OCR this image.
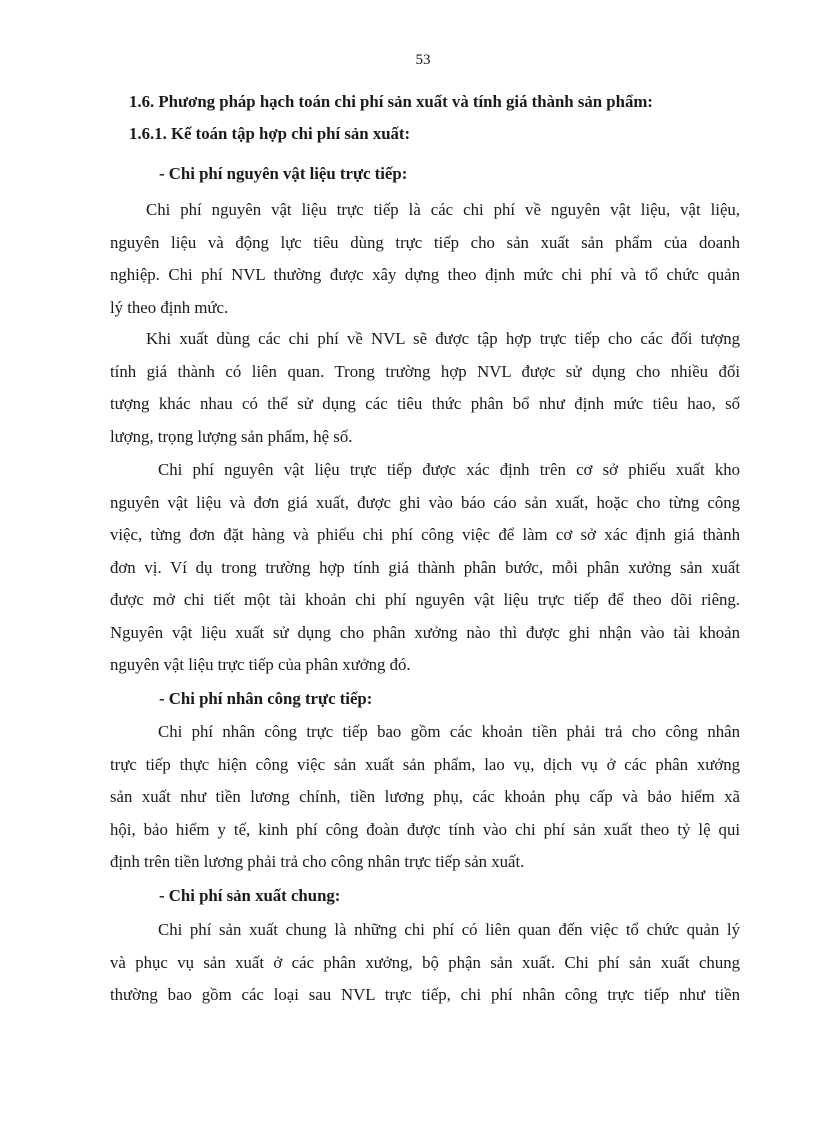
53
1.6. Phương pháp hạch toán chi phí sản xuất và tính giá thành sản phẩm:
1.6.1. Kế toán tập hợp chi phí sản xuất:
- Chi phí nguyên vật liệu trực tiếp:
Chi phí nguyên vật liệu trực tiếp là các chi phí về nguyên vật liệu, vật liệu,
nguyên liệu và động lực tiêu dùng trực tiếp cho sản xuất sản phẩm của doanh
nghiệp. Chi phí NVL thường được xây dựng theo định mức chi phí và tổ chức quản
lý theo định mức.
Khi xuất dùng các chi phí về NVL sẽ được tập hợp trực tiếp cho các đối tượng
tính giá thành có liên quan. Trong trường hợp NVL được sử dụng cho nhiều đối
tượng khác nhau có thể sử dụng các tiêu thức phân bổ như định mức tiêu hao, số
lượng, trọng lượng sản phẩm, hệ số.
Chi phí nguyên vật liệu trực tiếp được xác định trên cơ sở phiếu xuất kho
nguyên vật liệu và đơn giá xuất, được ghi vào báo cáo sản xuất, hoặc cho từng công
việc, từng đơn đặt hàng và phiếu chi phí công việc để làm cơ sở xác định giá thành
đơn vị. Ví dụ trong trường hợp tính giá thành phân bước, mỗi phân xưởng sản xuất
được mở chi tiết một tài khoản chi phí nguyên vật liệu trực tiếp để theo dõi riêng.
Nguyên vật liệu xuất sử dụng cho phân xưởng nào thì được ghi nhận vào tài khoản
nguyên vật liệu trực tiếp của phân xưởng đó.
- Chi phí nhân công trực tiếp:
Chi phí nhân công trực tiếp bao gồm các khoản tiền phải trả cho công nhân
trực tiếp thực hiện công việc sản xuất sản phẩm, lao vụ, dịch vụ ở các phân xưởng
sản xuất như tiền lương chính, tiền lương phụ, các khoản phụ cấp và bảo hiểm xã
hội, bảo hiểm y tế, kinh phí công đoàn được tính vào chi phí sản xuất theo tỷ lệ qui
định trên tiền lương phải trả cho công nhân trực tiếp sản xuất.
- Chi phí sản xuất chung:
Chi phí sản xuất chung là những chi phí có liên quan đến việc tổ chức quản lý
và phục vụ sản xuất ở các phân xưởng, bộ phận sản xuất. Chi phí sản xuất chung
thường bao gồm các loại sau NVL trực tiếp, chi phí nhân công trực tiếp như tiền
